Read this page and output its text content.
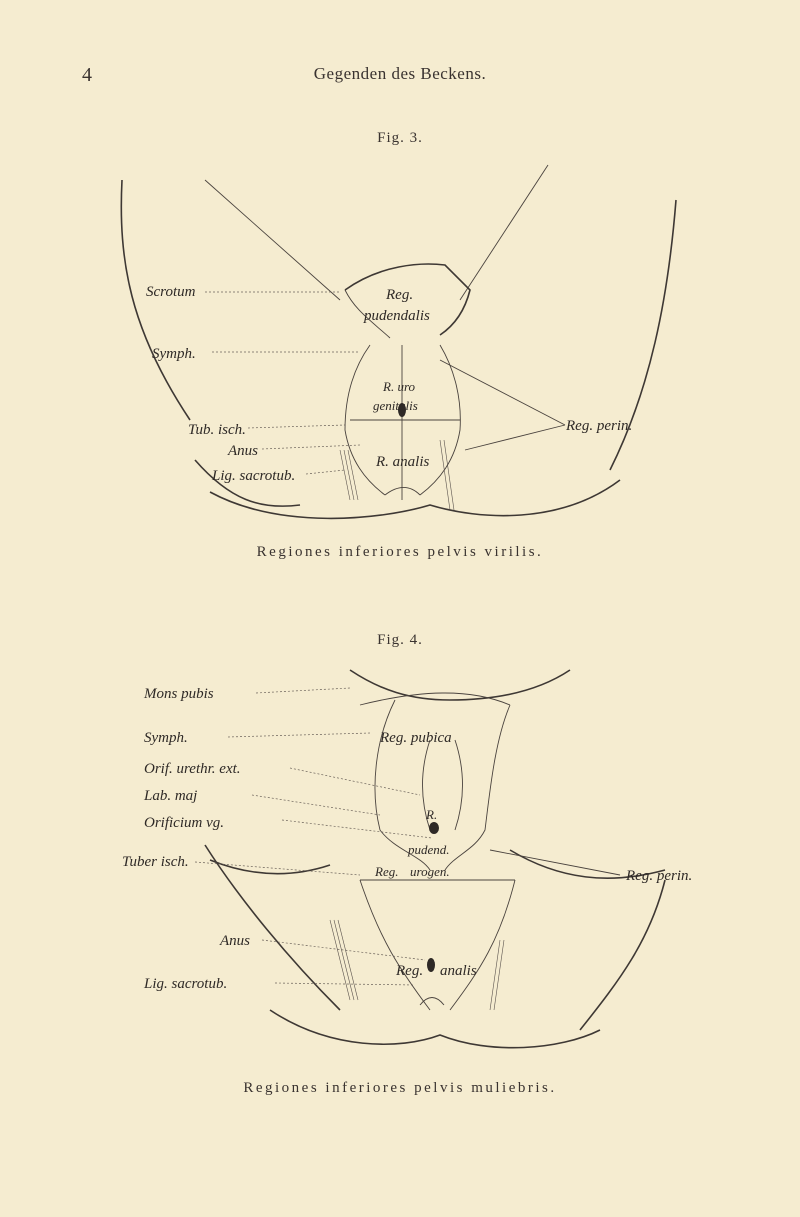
4	Gegenden des Beckens.
Fig. 3.
Scrotum
Symph.
Tub. isch.
Anus
Lig. sacrotub.
Reg.
pudendalis
R. uro
genitalis
R. analis
Reg. perin.
Regiones inferiores pelvis virilis.
Fig. 4.
Mons pubis
Symph.
Orif. urethr. ext.
Lab. maj
Orificium vg.
Tuber isch.
Anus
Lig. sacrotub.
Reg. pubica
R.
pudend.
Reg. urogen.
Reg. analis
Reg. perin.
Regiones inferiores pelvis muliebris.
